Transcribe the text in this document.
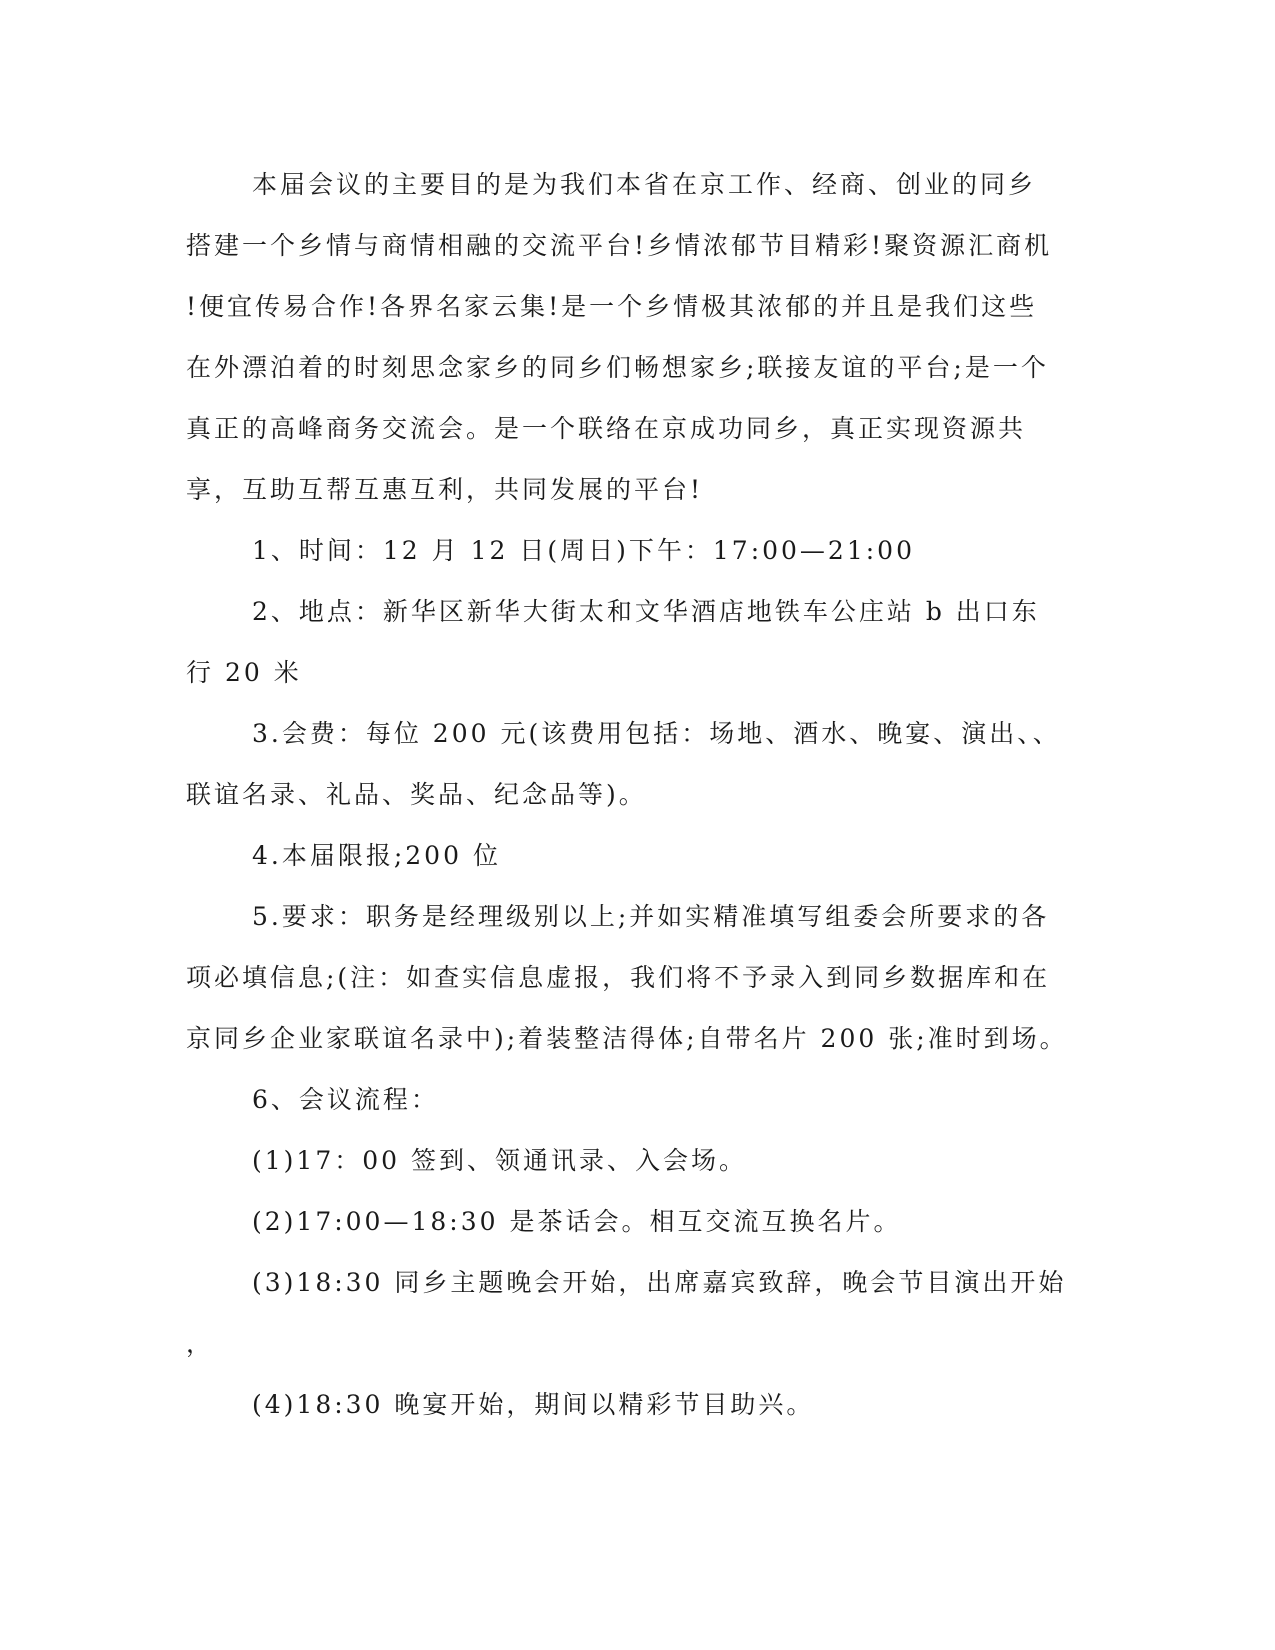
本届会议的主要目的是为我们本省在京工作、经商、创业的同乡
搭建一个乡情与商情相融的交流平台!乡情浓郁节目精彩!聚资源汇商机
!便宜传易合作!各界名家云集!是一个乡情极其浓郁的并且是我们这些
在外漂泊着的时刻思念家乡的同乡们畅想家乡;联接友谊的平台;是一个
真正的高峰商务交流会。是一个联络在京成功同乡，真正实现资源共
享，互助互帮互惠互利，共同发展的平台!
1、时间：12 月 12 日(周日)下午：17:00—21:00
2、地点：新华区新华大街太和文华酒店地铁车公庄站 b 出口东
行 20 米
3.会费：每位 200 元(该费用包括：场地、酒水、晚宴、演出、、
联谊名录、礼品、奖品、纪念品等)。
4.本届限报;200 位
5.要求：职务是经理级别以上;并如实精准填写组委会所要求的各
项必填信息;(注：如查实信息虚报，我们将不予录入到同乡数据库和在
京同乡企业家联谊名录中);着装整洁得体;自带名片 200 张;准时到场。
6、会议流程：
(1)17：00 签到、领通讯录、入会场。
(2)17:00—18:30 是茶话会。相互交流互换名片。
(3)18:30 同乡主题晚会开始，出席嘉宾致辞，晚会节目演出开始
，
(4)18:30 晚宴开始，期间以精彩节目助兴。
